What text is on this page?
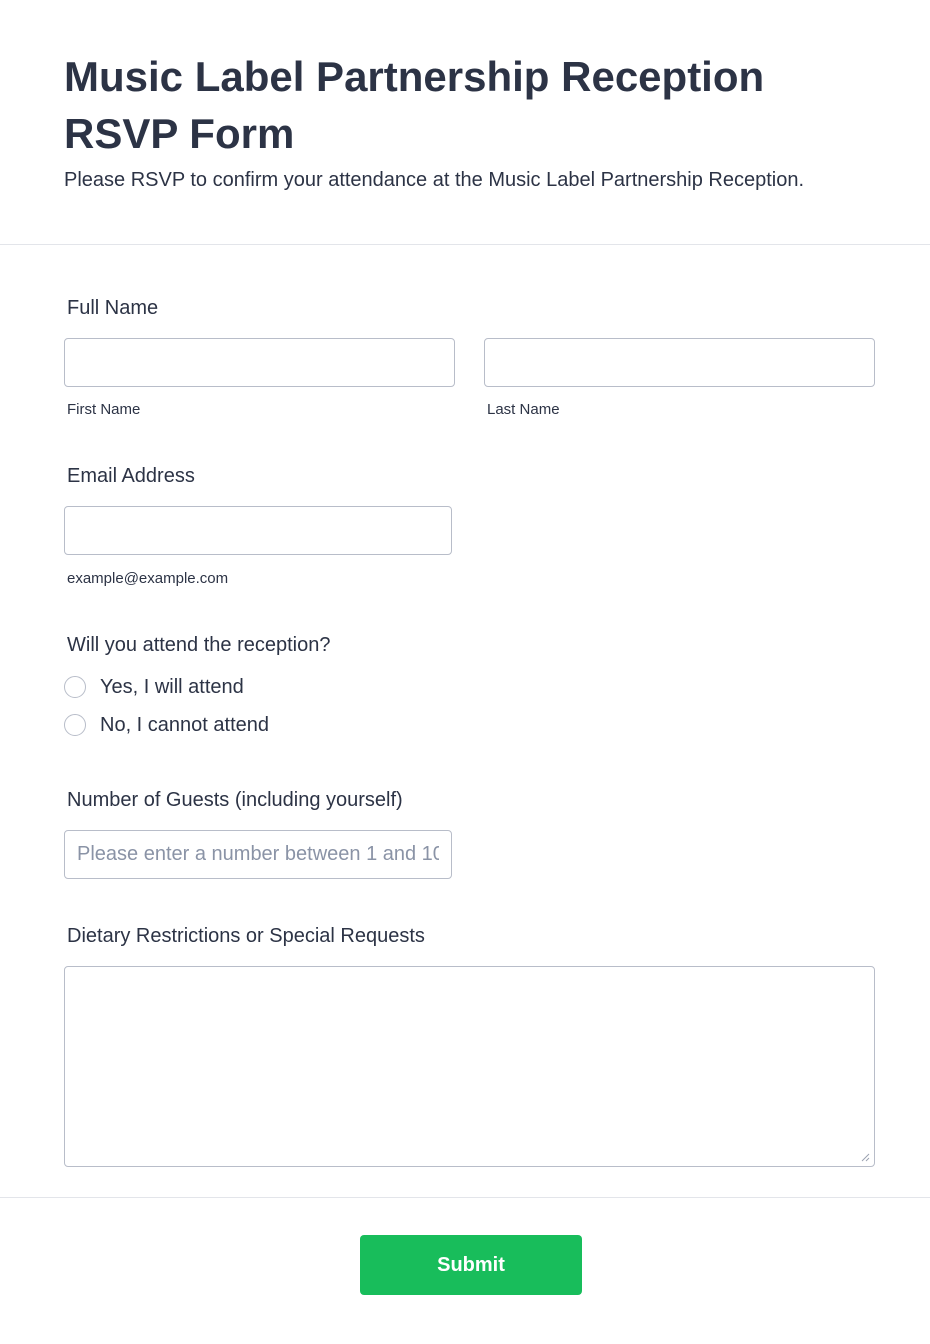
Music Label Partnership Reception RSVP Form

Please RSVP to confirm your attendance at the Music Label Partnership Reception.

Full Name
First Name	Last Name
Email Address
example@example.com
Will you attend the reception?
Yes, I will attend
No, I cannot attend
Number of Guests (including yourself)
Please enter a number between 1 and 10.
Dietary Restrictions or Special Requests
Submit
